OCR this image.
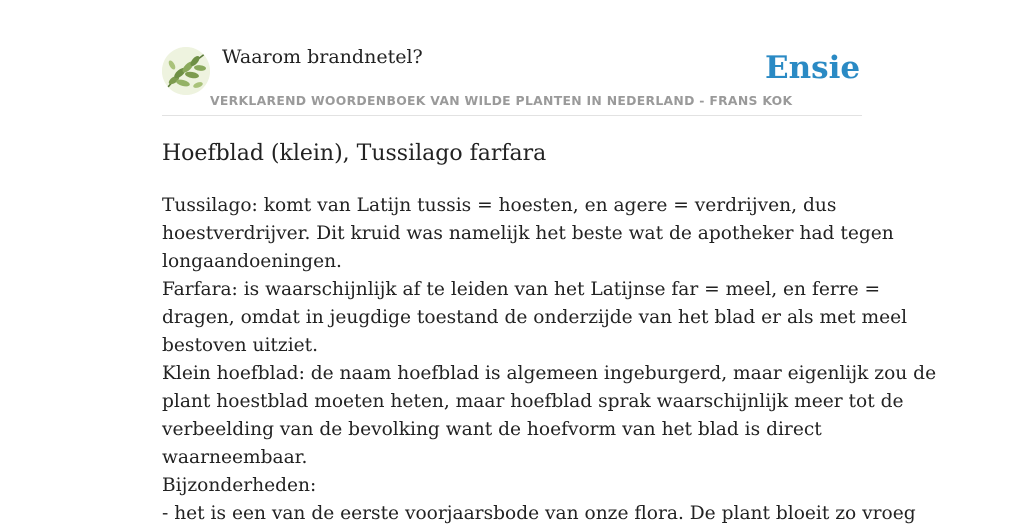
Waarom brandnetel?	Ensie
VERKLAREND WOORDENBOEK VAN WILDE PLANTEN IN NEDERLAND - FRANS KOK
Hoefblad (klein), Tussilago farfara

Tussilago: komt van Latijn tussis = hoesten, en agere = verdrijven, dus

hoestverdrijver. Dit kruid was namelijk het beste wat de apotheker had tegen

longaandoeningen.

Farfara: is waarschijnlijk af te leiden van het Latijnse far = meel, en ferre =

dragen, omdat in jeugdige toestand de onderzijde van het blad er als met meel

bestoven uitziet.

Klein hoefblad: de naam hoefblad is algemeen ingeburgerd, maar eigenlijk zou de

plant hoestblad moeten heten, maar hoefblad sprak waarschijnlijk meer tot de

verbeelding van de bevolking want de hoefvorm van het blad is direct

waarneembaar.

Bijzonderheden:

- het is een van de eerste voorjaarsbode van onze flora. De plant bloeit zo vroeg
